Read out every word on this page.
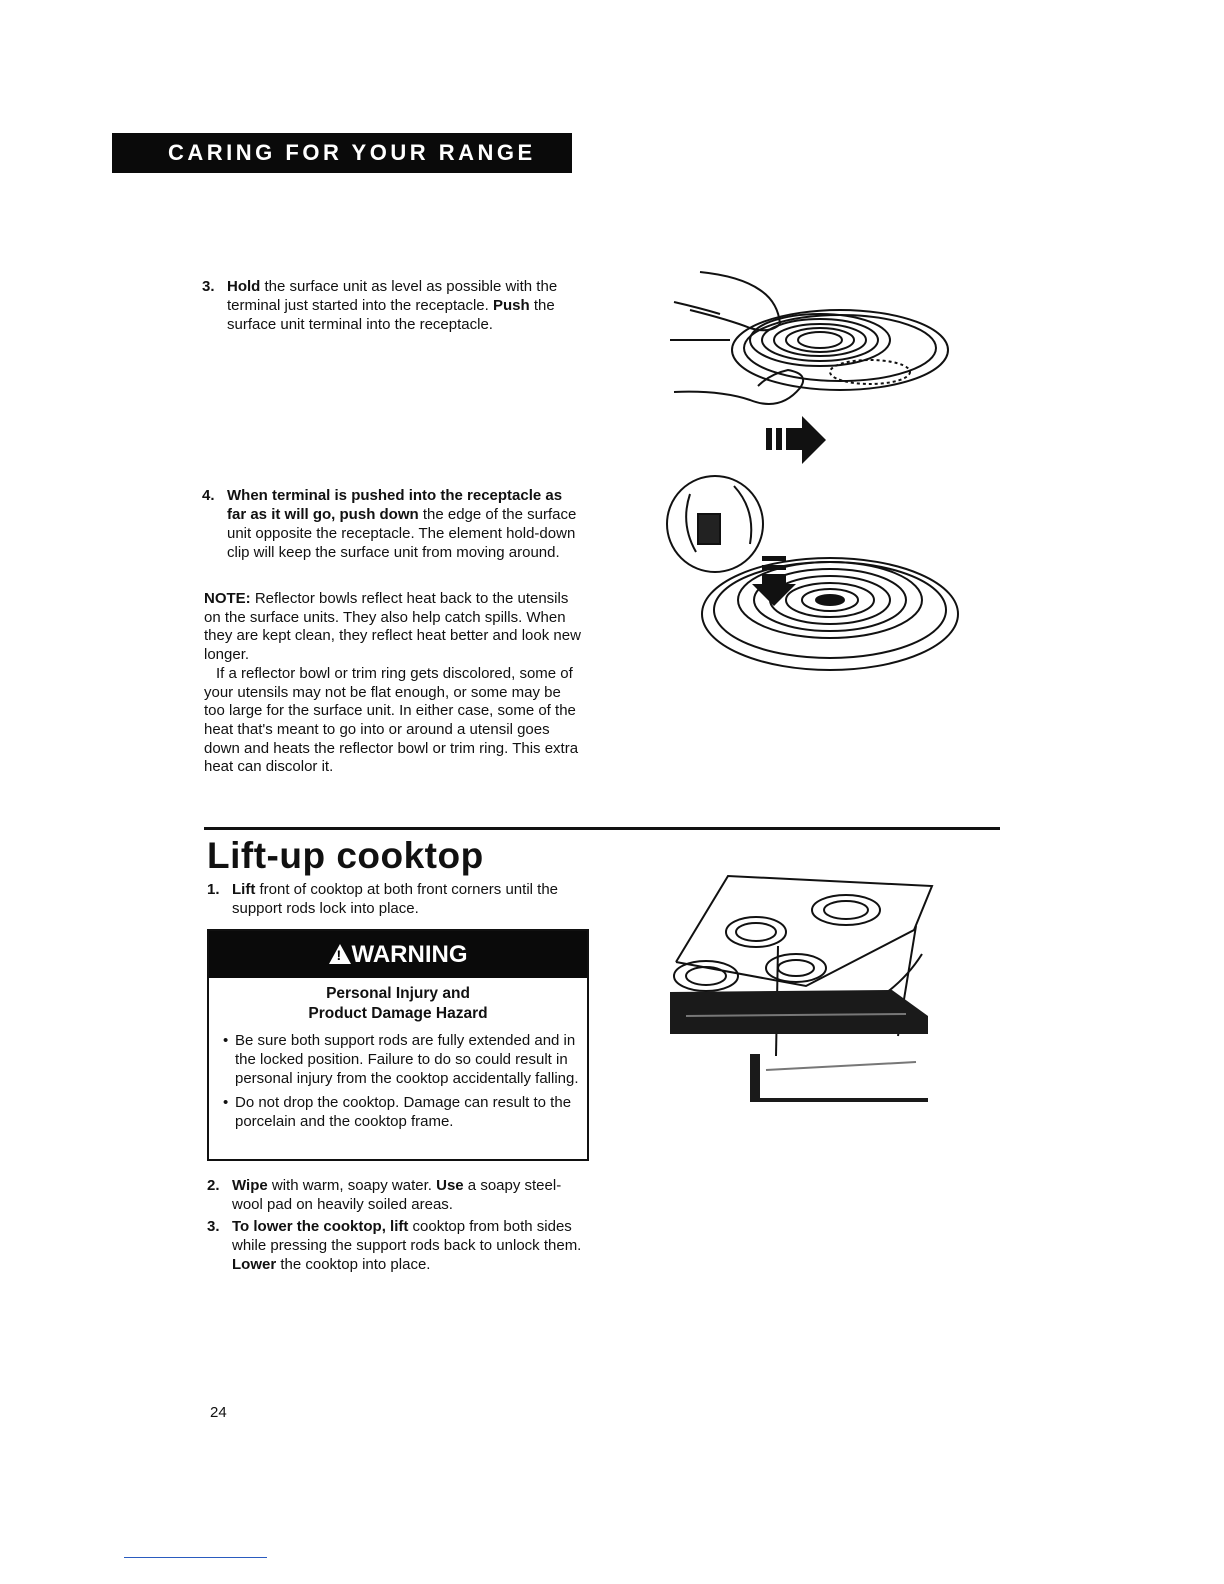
CARING FOR YOUR RANGE
3. Hold the surface unit as level as possible with the terminal just started into the receptacle. Push the surface unit terminal into the receptacle.
4. When terminal is pushed into the receptacle as far as it will go, push down the edge of the surface unit opposite the receptacle. The element hold-down clip will keep the surface unit from moving around.

NOTE: Reflector bowls reflect heat back to the utensils on the surface units. They also help catch spills. When they are kept clean, they reflect heat better and look new longer.

If a reflector bowl or trim ring gets discolored, some of your utensils may not be flat enough, or some may be too large for the surface unit. In either case, some of the heat that's meant to go into or around a utensil goes down and heats the reflector bowl or trim ring. This extra heat can discolor it.

Lift-up cooktop
1. Lift front of cooktop at both front corners until the support rods lock into place.
!WARNING
Personal Injury and
Product Damage Hazard
• Be sure both support rods are fully extended and in the locked position. Failure to do so could result in personal injury from the cooktop accidentally falling.
• Do not drop the cooktop. Damage can result to the porcelain and the cooktop frame.
2. Wipe with warm, soapy water. Use a soapy steel-wool pad on heavily soiled areas.
3. To lower the cooktop, lift cooktop from both sides while pressing the support rods back to unlock them. Lower the cooktop into place.
24
